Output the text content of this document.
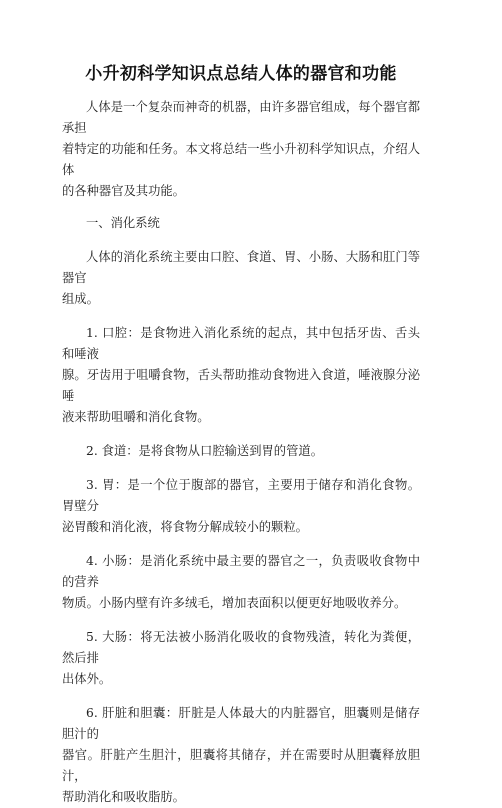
小升初科学知识点总结人体的器官和功能

人体是一个复杂而神奇的机器，由许多器官组成，每个器官都承担
着特定的功能和任务。本文将总结一些小升初科学知识点，介绍人体
的各种器官及其功能。

一、消化系统

人体的消化系统主要由口腔、食道、胃、小肠、大肠和肛门等器官
组成。

1. 口腔：是食物进入消化系统的起点，其中包括牙齿、舌头和唾液
腺。牙齿用于咀嚼食物，舌头帮助推动食物进入食道，唾液腺分泌唾
液来帮助咀嚼和消化食物。

2. 食道：是将食物从口腔输送到胃的管道。

3. 胃：是一个位于腹部的器官，主要用于储存和消化食物。胃壁分
泌胃酸和消化液，将食物分解成较小的颗粒。

4. 小肠：是消化系统中最主要的器官之一，负责吸收食物中的营养
物质。小肠内壁有许多绒毛，增加表面积以便更好地吸收养分。

5. 大肠：将无法被小肠消化吸收的食物残渣，转化为粪便，然后排
出体外。

6. 肝脏和胆囊：肝脏是人体最大的内脏器官，胆囊则是储存胆汁的
器官。肝脏产生胆汁，胆囊将其储存，并在需要时从胆囊释放胆汁，
帮助消化和吸收脂肪。
